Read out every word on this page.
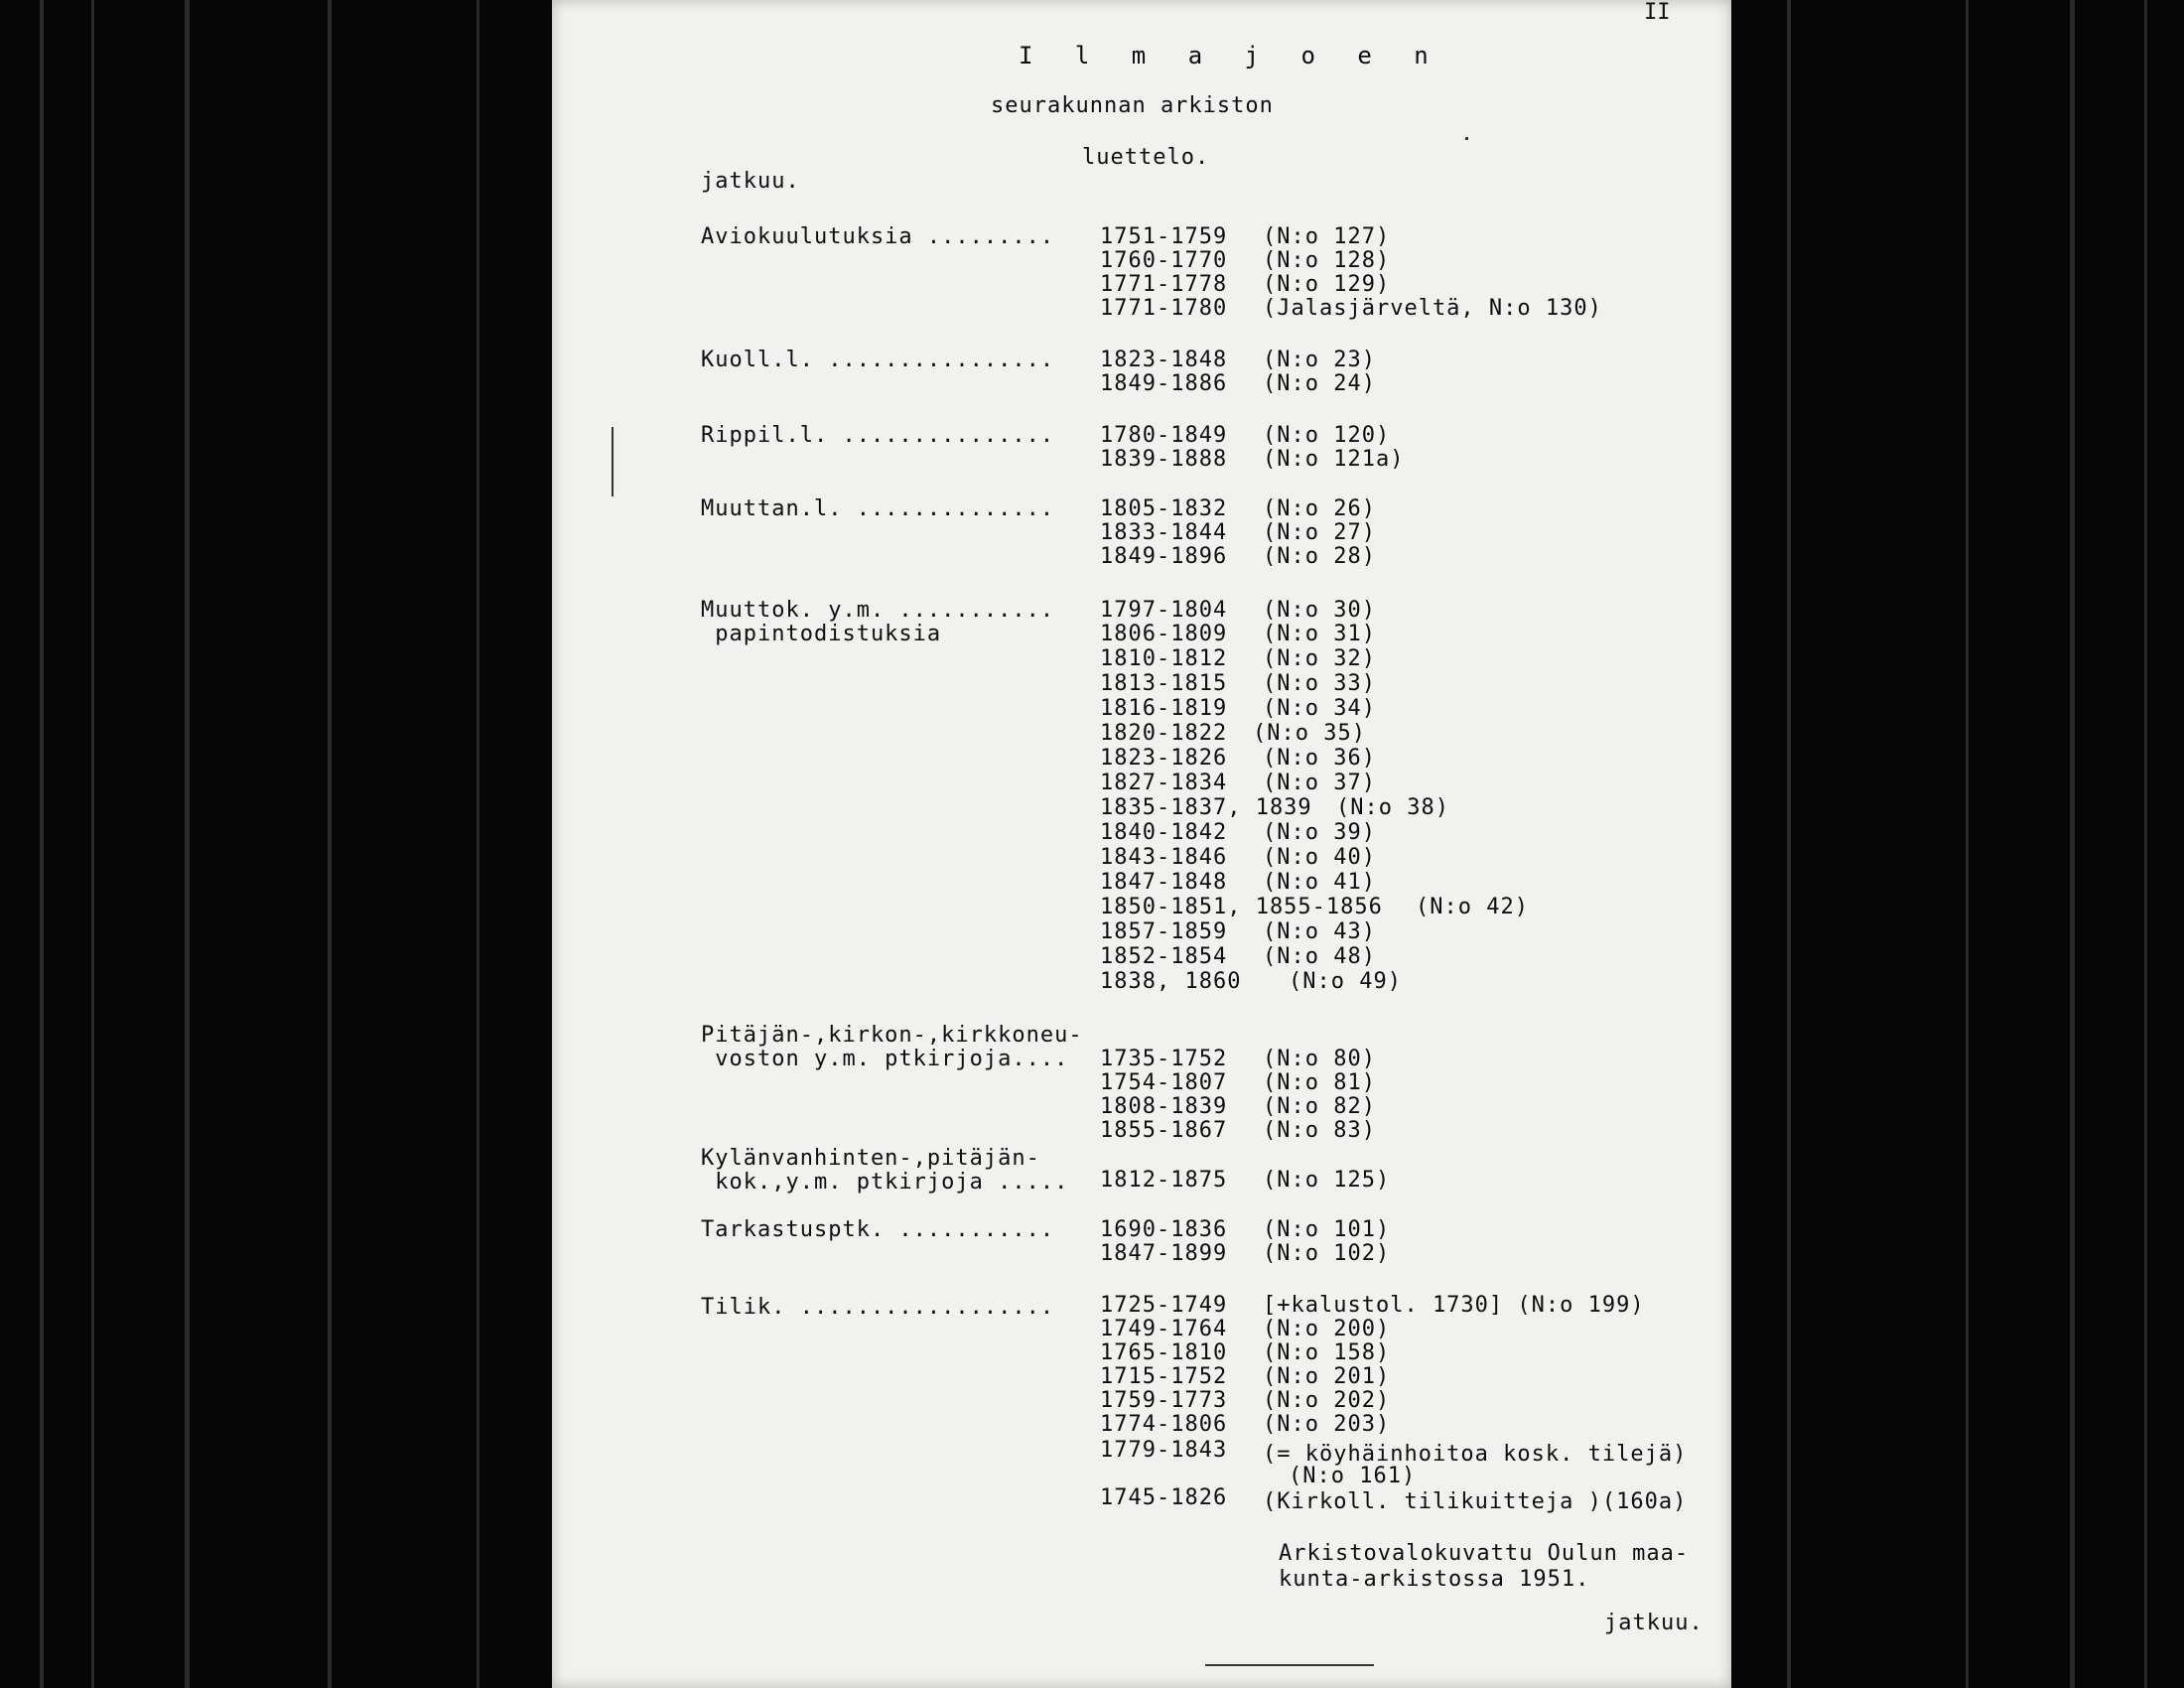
II

I l m a j o e n

seurakunnan arkiston

luettelo.

jatkuu.

Aviokuulutuksia ......... 1751-1759 (N:o 127)

1760-1770 (N:o 128)

1771-1778 (N:o 129)

1771-1780 (Jalasjärveltä, N:o 130)

Kuoll.l. ................ 1823-1848 (N:o 23)

1849-1886 (N:o 24)

Rippil.l. ............... 1780-1849 (N:o 120)

1839-1888 (N:o 121a)

Muuttan.l. .............. 1805-1832 (N:o 26)

1833-1844 (N:o 27)

1849-1896 (N:o 28)

Muuttok. y.m. ........... 1797-1804 (N:o 30)

papintodistuksia	1806-1809 (N:o 31)

1810-1812 (N:o 32)

1813-1815 (N:o 33)

1816-1819 (N:o 34)

1820-1822 (N:o 35)

1823-1826 (N:o 36)

1827-1834 (N:o 37)

1835-1837, 1839 (N:o 38)

1840-1842 (N:o 39)

1843-1846 (N:o 40)

1847-1848 (N:o 41)

1850-1851, 1855-1856 (N:o 42)

1857-1859 (N:o 43)

1852-1854 (N:o 48)

1838, 1860 (N:o 49)

Pitäjän-,kirkon-,kirkkoneu-

voston y.m. ptkirjoja.... 1735-1752 (N:o 80)

1754-1807 (N:o 81)

1808-1839 (N:o 82)

1855-1867 (N:o 83)

Kylänvanhinten-,pitäjän-

kok.,y.m. ptkirjoja ..... 1812-1875 (N:o 125)

Tarkastusptk. ........... 1690-1836 (N:o 101)

1847-1899 (N:o 102)

Tilik. .................. 1725-1749 [+kalustol. 1730] (N:o 199)

1749-1764 (N:o 200)

1765-1810 (N:o 158)

1715-1752 (N:o 201)

1759-1773 (N:o 202)

1774-1806 (N:o 203)

1779-1843 (= köyhäinhoitoa kosk. tilejä)

(N:o 161)

1745-1826 (Kirkoll. tilikuitteja )(160a)

Arkistovalokuvattu Oulun maa-

kunta-arkistossa 1951.

jatkuu.
